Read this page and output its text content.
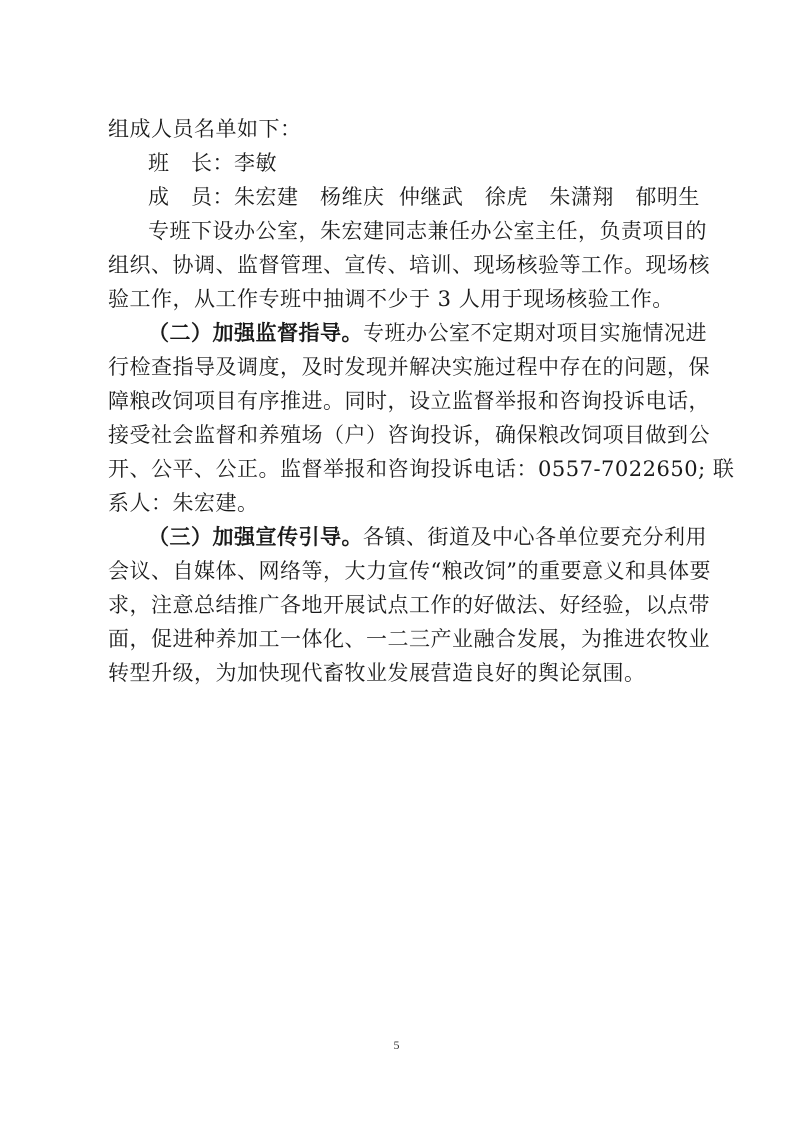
组成人员名单如下：
班　长：李敏
成　员：朱宏建　杨维庆  仲继武　徐虎　朱潇翔　郁明生
专班下设办公室，朱宏建同志兼任办公室主任，负责项目的
组织、协调、监督管理、宣传、培训、现场核验等工作。现场核
验工作，从工作专班中抽调不少于 3 人用于现场核验工作。
（二）加强监督指导。专班办公室不定期对项目实施情况进
行检查指导及调度，及时发现并解决实施过程中存在的问题，保
障粮改饲项目有序推进。同时，设立监督举报和咨询投诉电话，
接受社会监督和养殖场（户）咨询投诉，确保粮改饲项目做到公
开、公平、公正。监督举报和咨询投诉电话：0557-7022650; 联
系人：朱宏建。
（三）加强宣传引导。各镇、街道及中心各单位要充分利用
会议、自媒体、网络等，大力宣传“粮改饲”的重要意义和具体要
求，注意总结推广各地开展试点工作的好做法、好经验，以点带
面，促进种养加工一体化、一二三产业融合发展，为推进农牧业
转型升级，为加快现代畜牧业发展营造良好的舆论氛围。
5
